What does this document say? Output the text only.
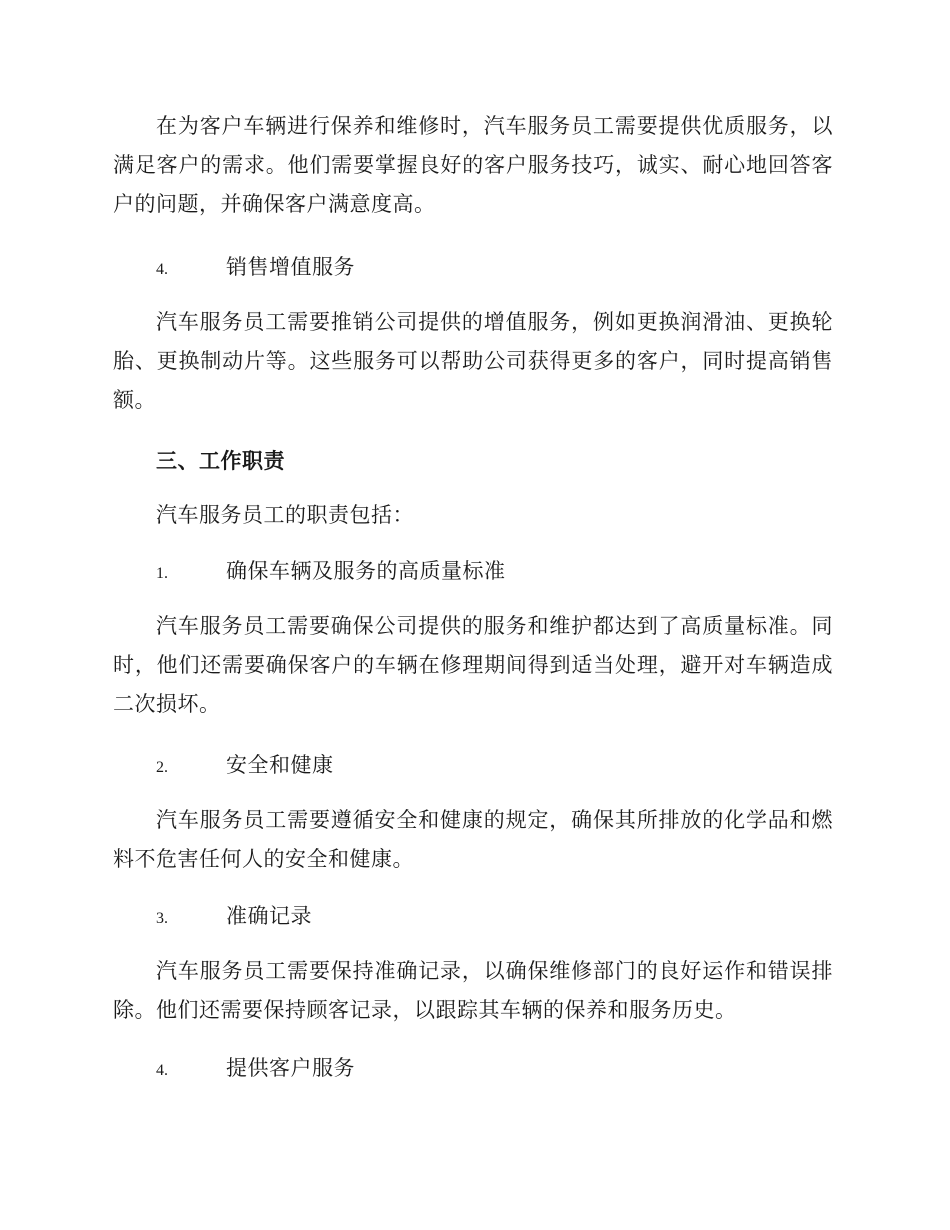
在为客户车辆进行保养和维修时，汽车服务员工需要提供优质服务，以满足客户的需求。他们需要掌握良好的客户服务技巧，诚实、耐心地回答客户的问题，并确保客户满意度高。

4.	销售增值服务

汽车服务员工需要推销公司提供的增值服务，例如更换润滑油、更换轮胎、更换制动片等。这些服务可以帮助公司获得更多的客户，同时提高销售额。

三、工作职责
汽车服务员工的职责包括：
1.	确保车辆及服务的高质量标准

汽车服务员工需要确保公司提供的服务和维护都达到了高质量标准。同时，他们还需要确保客户的车辆在修理期间得到适当处理，避开对车辆造成二次损坏。

2.	安全和健康

汽车服务员工需要遵循安全和健康的规定，确保其所排放的化学品和燃料不危害任何人的安全和健康。

3.	准确记录

汽车服务员工需要保持准确记录，以确保维修部门的良好运作和错误排除。他们还需要保持顾客记录，以跟踪其车辆的保养和服务历史。

4.	提供客户服务
